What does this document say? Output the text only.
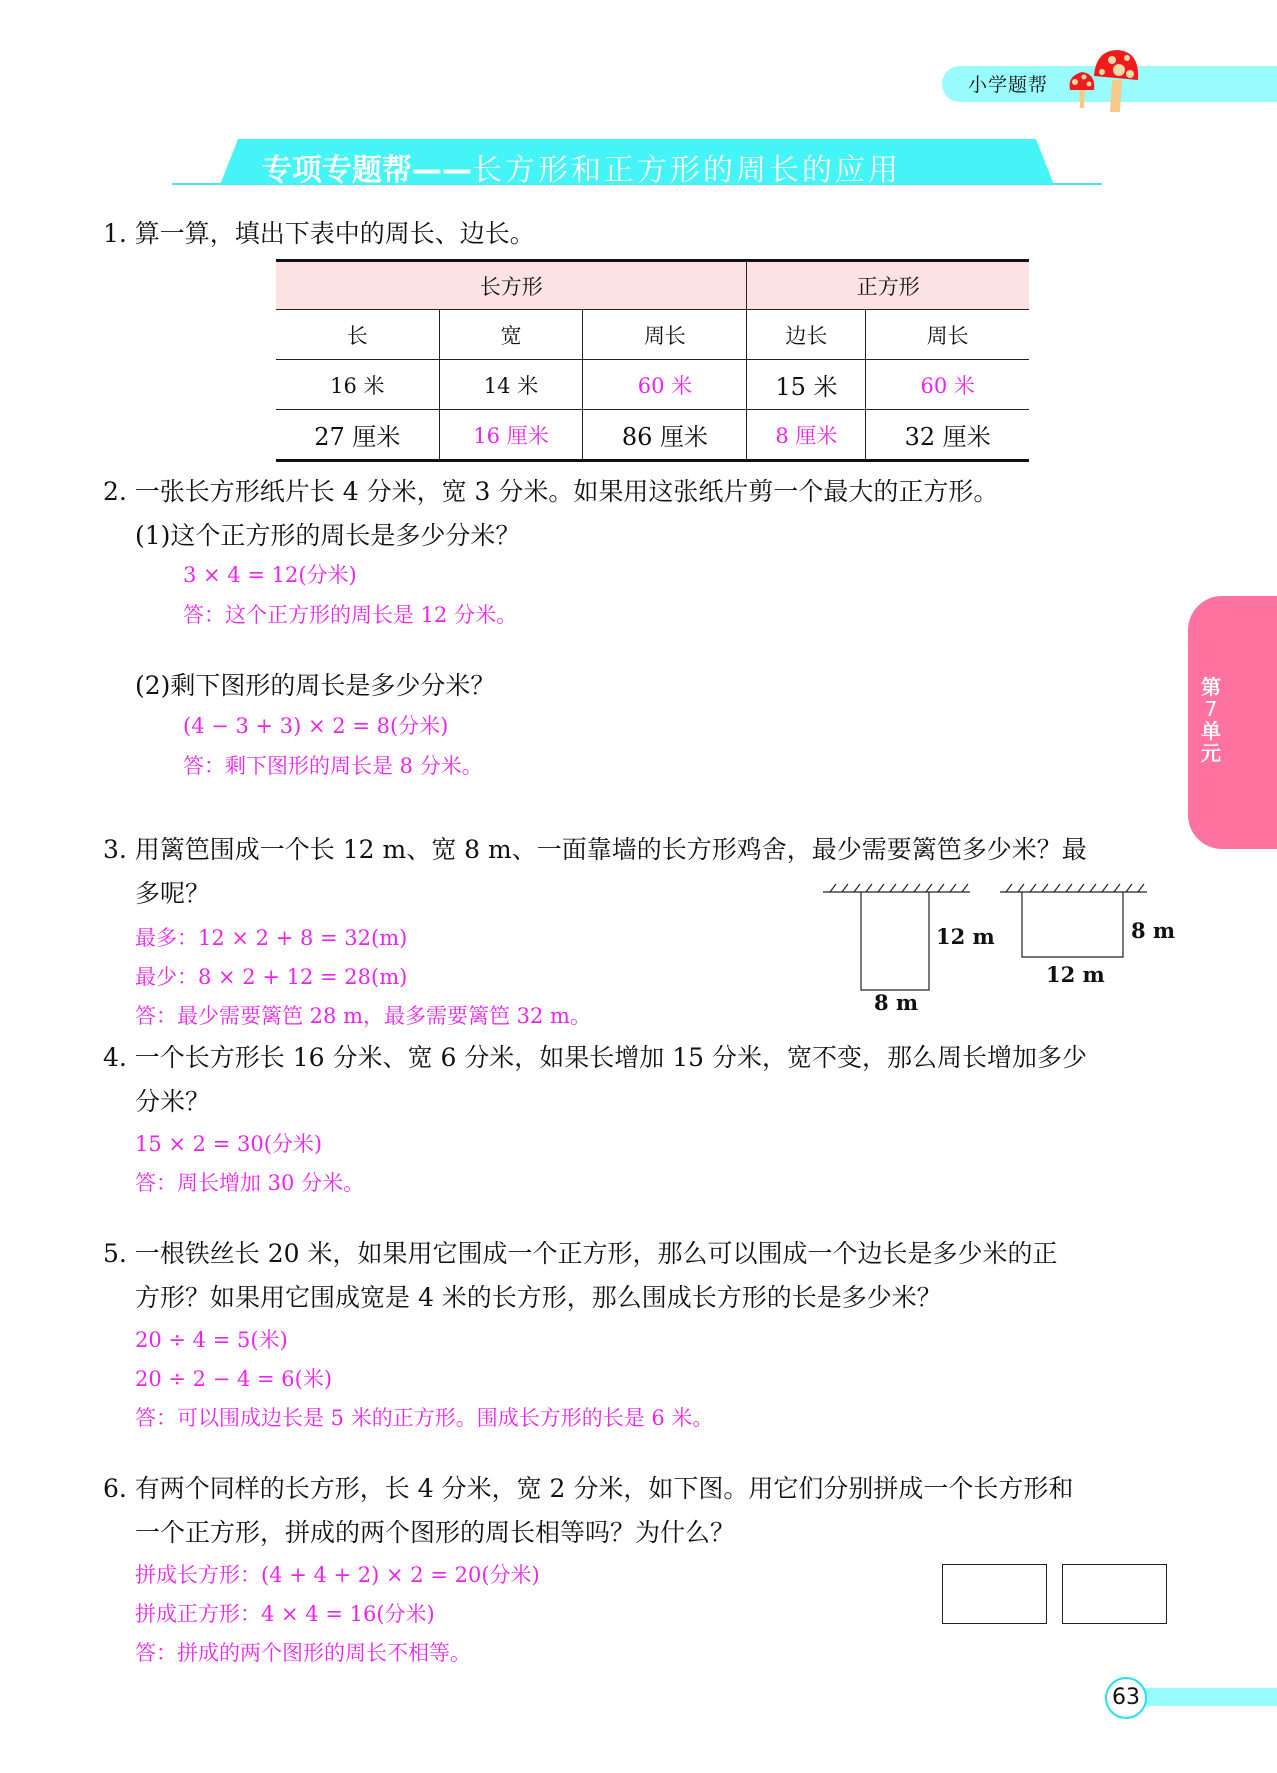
小学题帮
专项专题帮——长方形和正方形的周长的应用
第
7
单
元
1. 算一算，填出下表中的周长、边长。
长方形			正方形	
长	宽	周长	边长	周长
16 米	14 米	60 米	15 米	60 米
27 厘米	16 厘米	86 厘米	8 厘米	32 厘米
2. 一张长方形纸片长 4 分米，宽 3 分米。如果用这张纸片剪一个最大的正方形。
(1)这个正方形的周长是多少分米？
3 × 4 = 12(分米)
答：这个正方形的周长是 12 分米。
(2)剩下图形的周长是多少分米？
(4 − 3 + 3) × 2 = 8(分米)
答：剩下图形的周长是 8 分米。
3. 用篱笆围成一个长 12 m、宽 8 m、一面靠墙的长方形鸡舍，最少需要篱笆多少米？最
多呢？
最多：12 × 2 + 8 = 32(m)
最少：8 × 2 + 12 = 28(m)
答：最少需要篱笆 28 m，最多需要篱笆 32 m。
12 m
8 m
8 m
12 m
4. 一个长方形长 16 分米、宽 6 分米，如果长增加 15 分米，宽不变，那么周长增加多少
分米？
15 × 2 = 30(分米)
答：周长增加 30 分米。
5. 一根铁丝长 20 米，如果用它围成一个正方形，那么可以围成一个边长是多少米的正
方形？如果用它围成宽是 4 米的长方形，那么围成长方形的长是多少米？
20 ÷ 4 = 5(米)
20 ÷ 2 − 4 = 6(米)
答：可以围成边长是 5 米的正方形。围成长方形的长是 6 米。
6. 有两个同样的长方形，长 4 分米，宽 2 分米，如下图。用它们分别拼成一个长方形和
一个正方形，拼成的两个图形的周长相等吗？为什么？
拼成长方形：(4 + 4 + 2) × 2 = 20(分米)
拼成正方形：4 × 4 = 16(分米)
答：拼成的两个图形的周长不相等。
63
